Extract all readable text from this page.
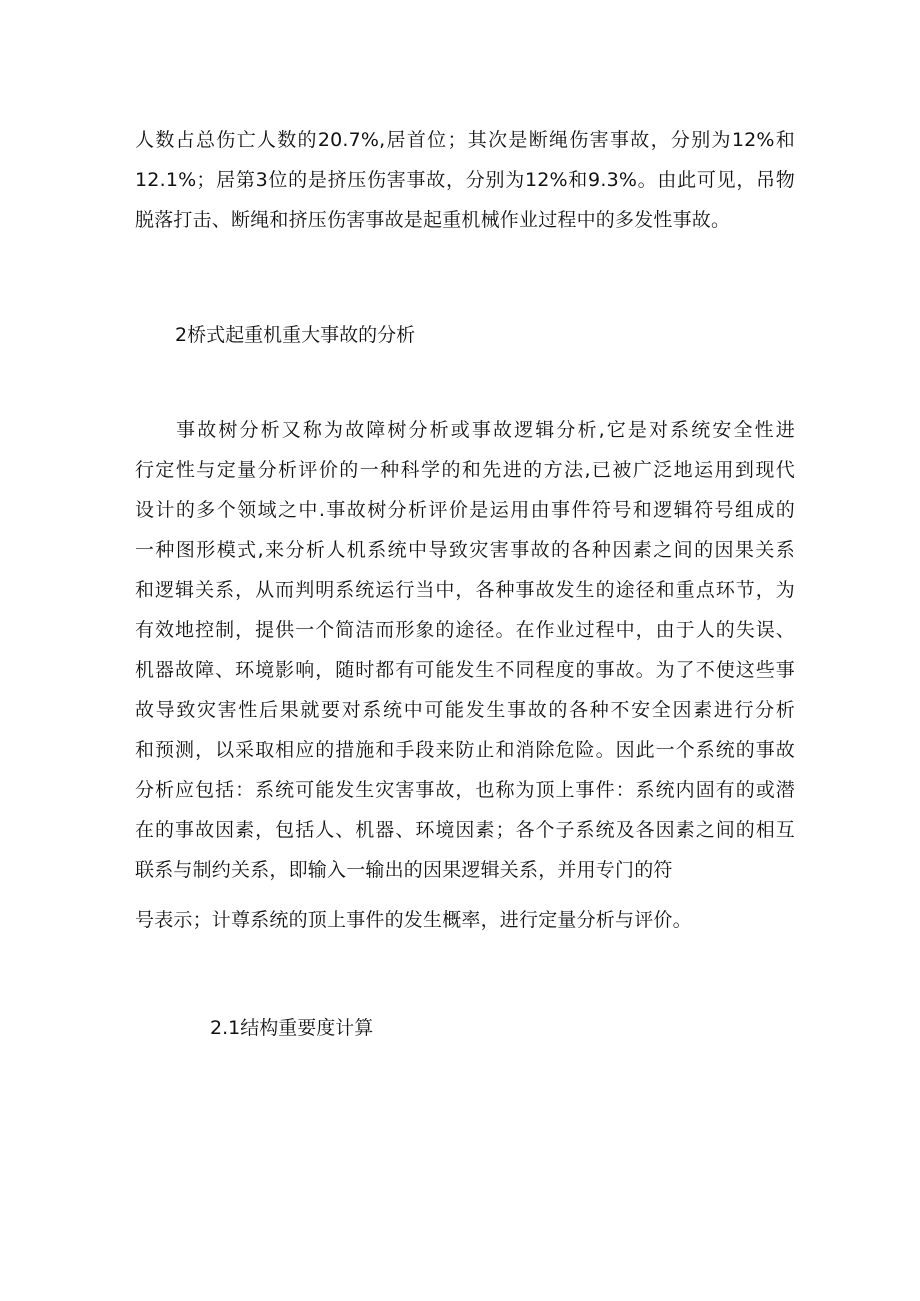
人数占总伤亡人数的20.7%,居首位；其次是断绳伤害事故，分别为12%和
12.1%；居第3位的是挤压伤害事故，分别为12%和9.3%。由此可见，吊物
脱落打击、断绳和挤压伤害事故是起重机械作业过程中的多发性事故。
2桥式起重机重大事故的分析
　事故树分析又称为故障树分析或事故逻辑分析,它是对系统安全性进
行定性与定量分析评价的一种科学的和先进的方法,已被广泛地运用到现代
设计的多个领域之中.事故树分析评价是运用由事件符号和逻辑符号组成的
一种图形模式,来分析人机系统中导致灾害事故的各种因素之间的因果关系
和逻辑关系，从而判明系统运行当中，各种事故发生的途径和重点环节，为
有效地控制，提供一个简洁而形象的途径。在作业过程中，由于人的失误、
机器故障、环境影响，随时都有可能发生不同程度的事故。为了不使这些事
故导致灾害性后果就要对系统中可能发生事故的各种不安全因素进行分析
和预测，以采取相应的措施和手段来防止和消除危险。因此一个系统的事故
分析应包括：系统可能发生灾害事故，也称为顶上事件：系统内固有的或潜
在的事故因素，包括人、机器、环境因素；各个子系统及各因素之间的相互
联系与制约关系，即输入一输出的因果逻辑关系，并用专门的符
号表示；计尊系统的顶上事件的发生概率，进行定量分析与评价。
2.1结构重要度计算
